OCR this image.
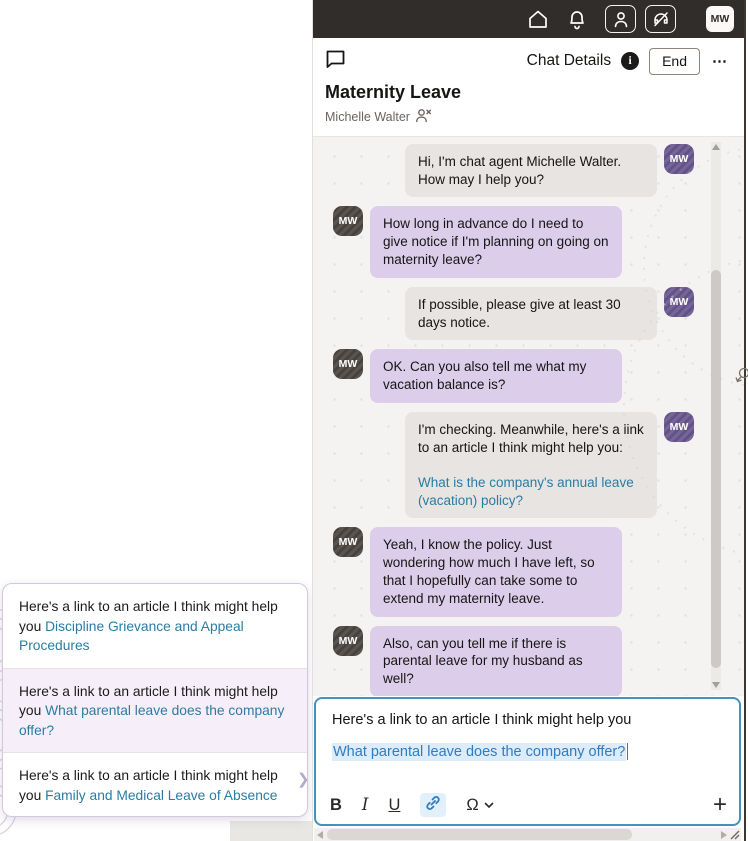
Here's a link to an article I think might help you Discipline Grievance and Appeal Procedures
Here's a link to an article I think might help you What parental leave does the company offer?
Here's a link to an article I think might help you Family and Medical Leave of Absence
❯
MW
Chat Details	i	End	⋯
Maternity Leave
Michelle Walter
Hi, I'm chat agent Michelle Walter. How may I help you?
MW
MW	How long in advance do I need to give notice if I'm planning on going on maternity leave?
If possible, please give at least 30 days notice.
MW
MW	OK. Can you also tell me what my vacation balance is?
I'm checking. Meanwhile, here's a link to an article I think might help you:
What is the company's annual leave (vacation) policy?
MW
MW	Yeah, I know the policy. Just wondering how much I have left, so that I hopefully can take some to extend my maternity leave.
MW	Also, can you tell me if there is parental leave for my husband as well?
Here's a link to an article I think might help you
What parental leave does the company offer?
B I U	Ω	+
